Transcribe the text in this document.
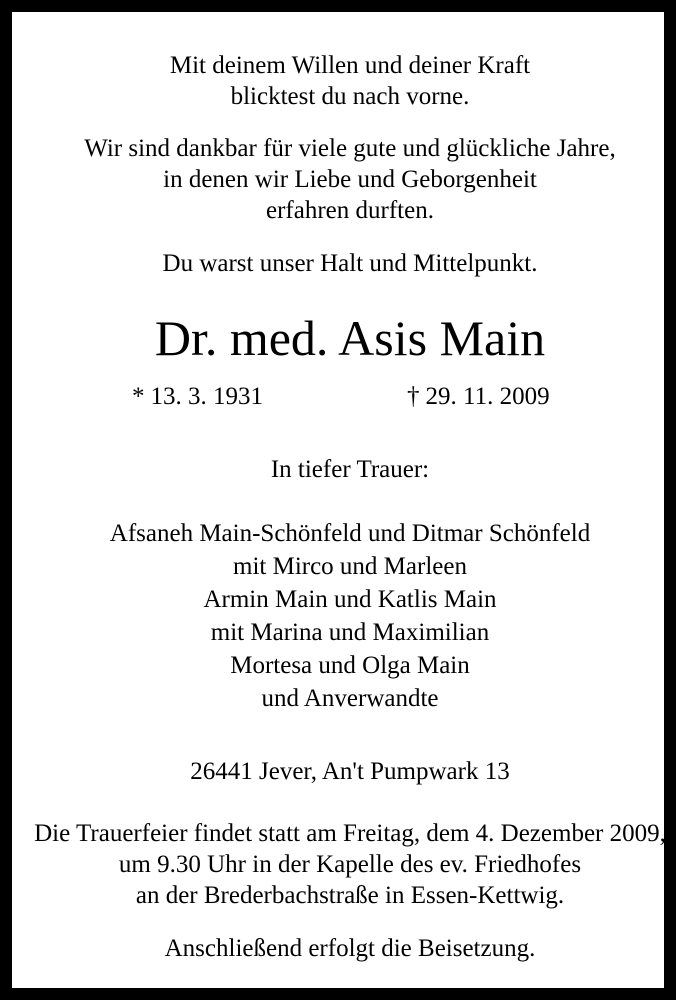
Mit deinem Willen und deiner Kraft
blicktest du nach vorne.
Wir sind dankbar für viele gute und glückliche Jahre,
in denen wir Liebe und Geborgenheit
erfahren durften.
Du warst unser Halt und Mittelpunkt.
Dr. med. Asis Main
* 13. 3. 1931	† 29. 11. 2009
In tiefer Trauer:
Afsaneh Main-Schönfeld und Ditmar Schönfeld
mit Mirco und Marleen
Armin Main und Katlis Main
mit Marina und Maximilian
Mortesa und Olga Main
und Anverwandte
26441 Jever, An't Pumpwark 13
Die Trauerfeier findet statt am Freitag, dem 4. Dezember 2009,
um 9.30 Uhr in der Kapelle des ev. Friedhofes
an der Brederbachstraße in Essen-Kettwig.
Anschließend erfolgt die Beisetzung.
